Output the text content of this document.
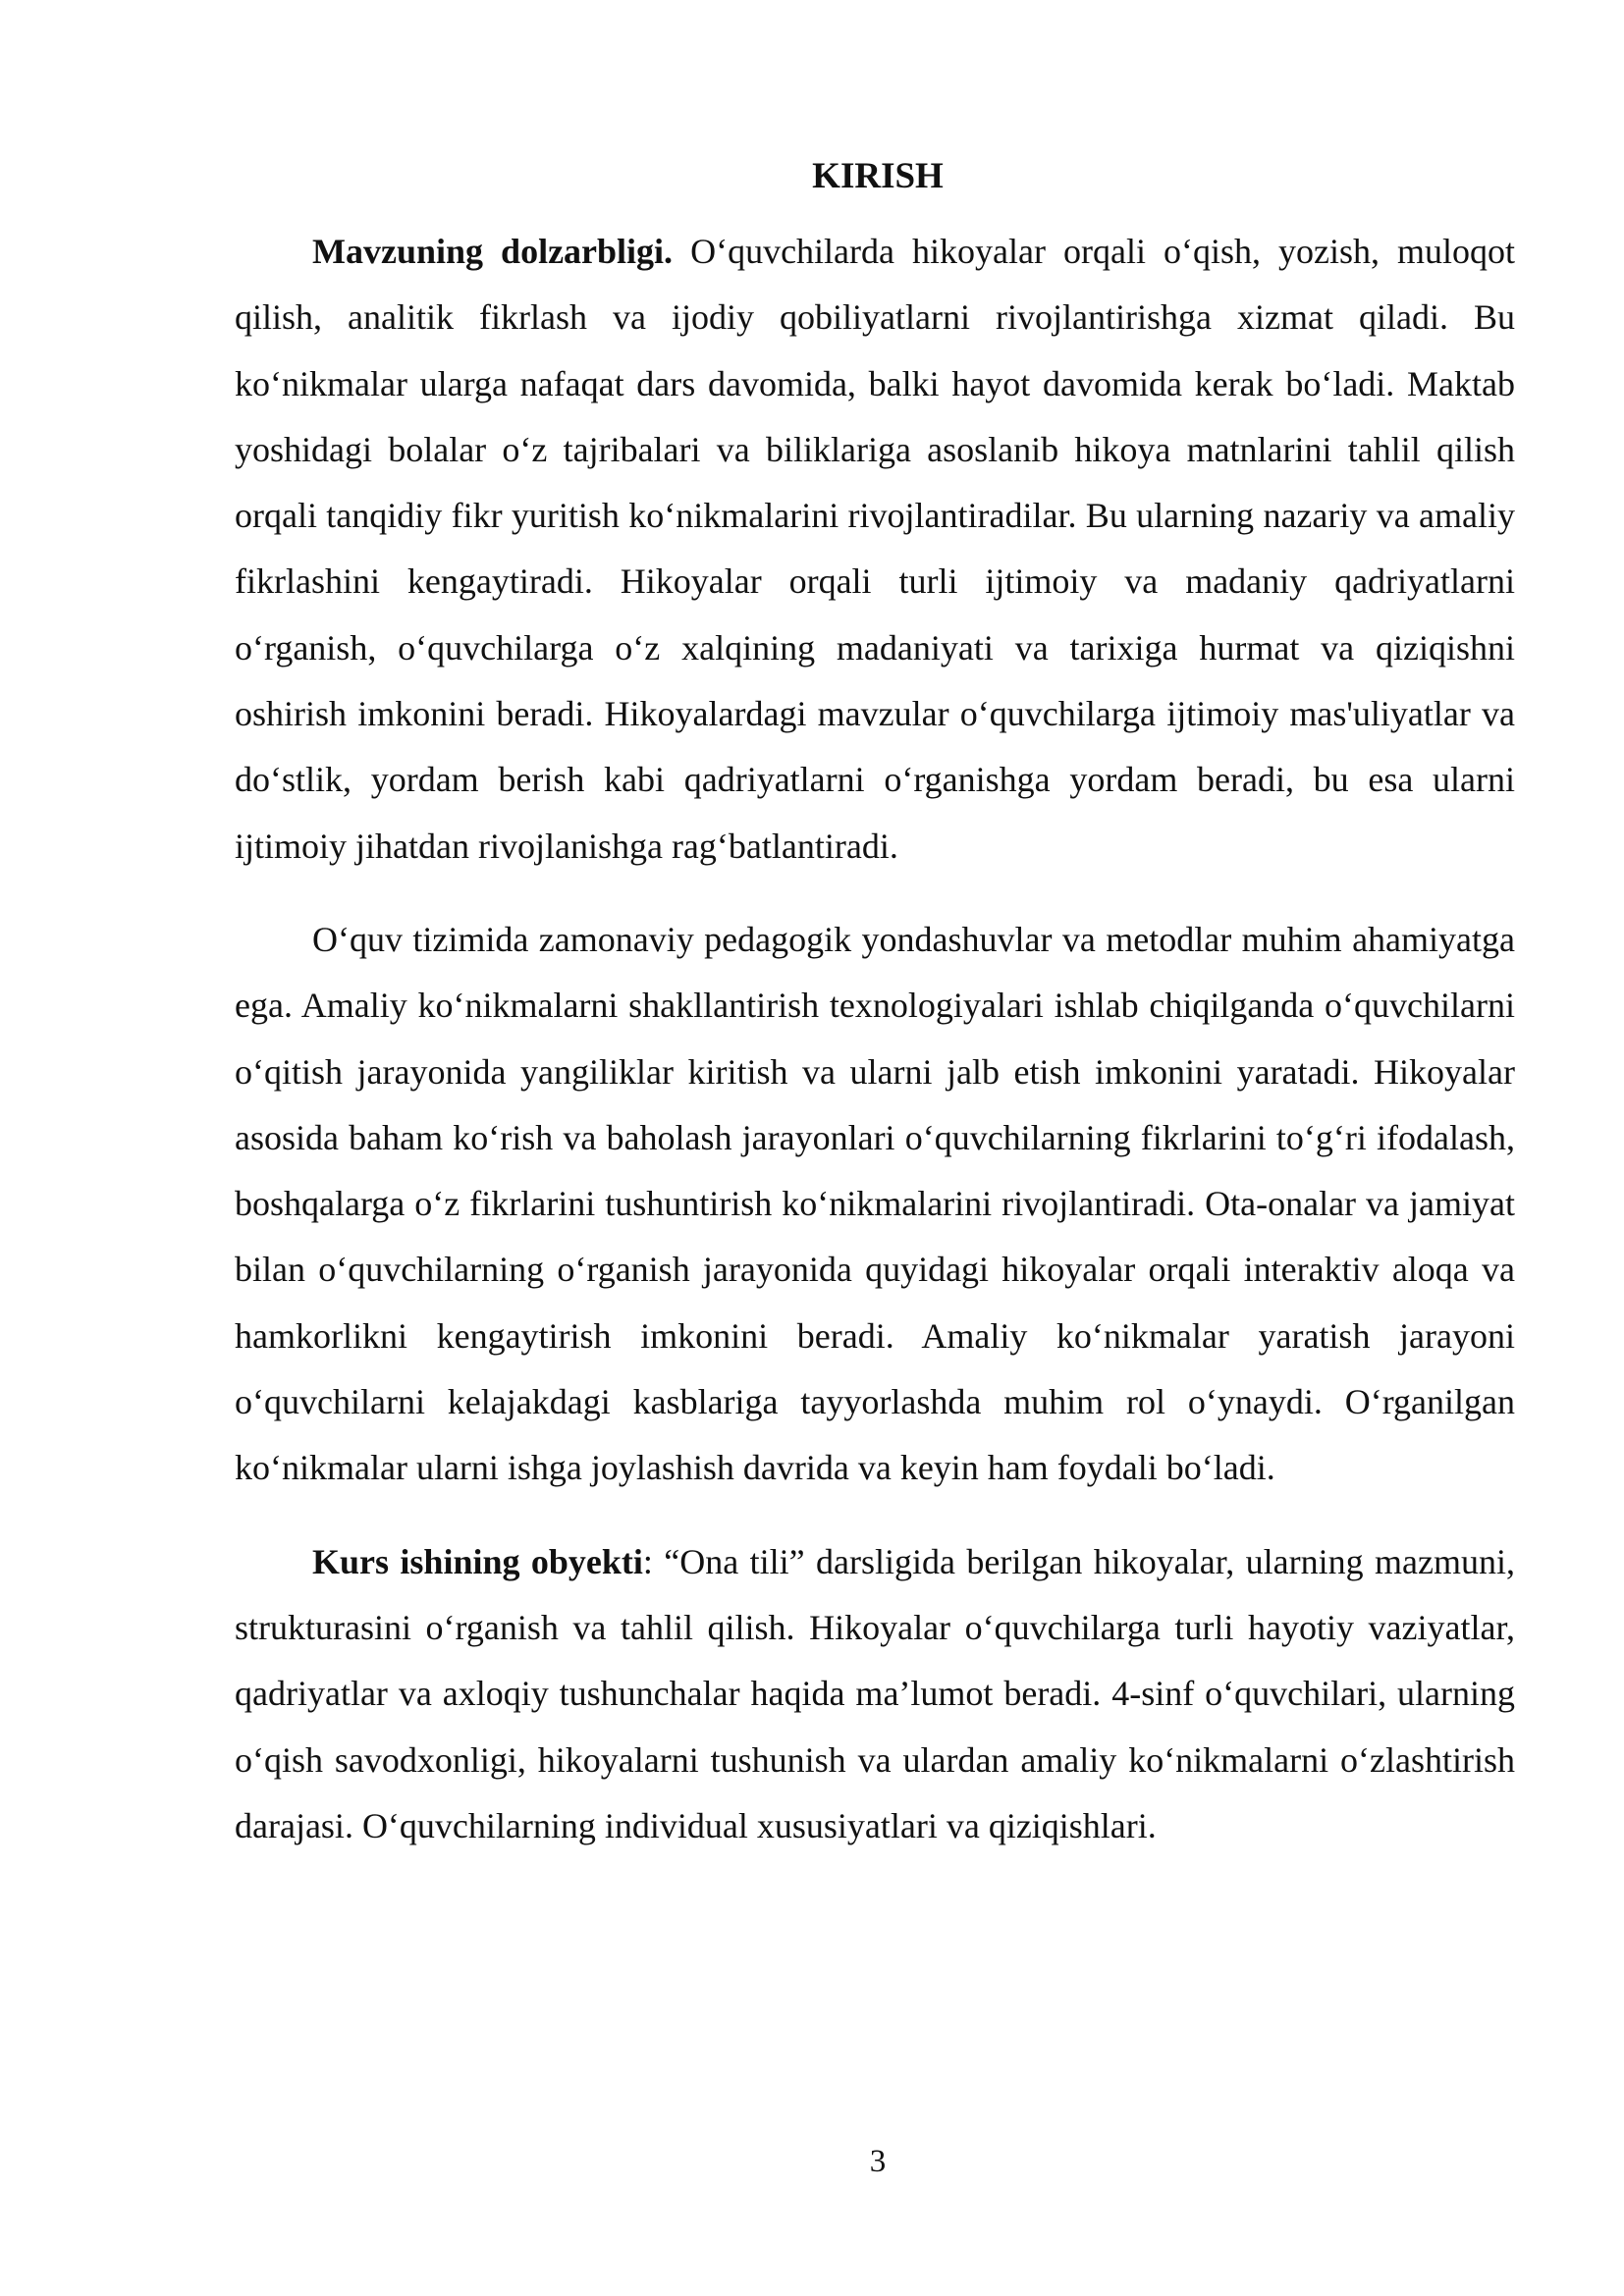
KIRISH

Mavzuning dolzarbligi. O‘quvchilarda hikoyalar orqali o‘qish, yozish, muloqot qilish, analitik fikrlash va ijodiy qobiliyatlarni rivojlantirishga xizmat qiladi. Bu ko‘nikmalar ularga nafaqat dars davomida, balki hayot davomida kerak bo‘ladi. Maktab yoshidagi bolalar o‘z tajribalari va biliklariga asoslanib hikoya matnlarini tahlil qilish orqali tanqidiy fikr yuritish ko‘nikmalarini rivojlantiradilar. Bu ularning nazariy va amaliy fikrlashini kengaytiradi. Hikoyalar orqali turli ijtimoiy va madaniy qadriyatlarni o‘rganish, o‘quvchilarga o‘z xalqining madaniyati va tarixiga hurmat va qiziqishni oshirish imkonini beradi. Hikoyalardagi mavzular o‘quvchilarga ijtimoiy mas'uliyatlar va do‘stlik, yordam berish kabi qadriyatlarni o‘rganishga yordam beradi, bu esa ularni ijtimoiy jihatdan rivojlanishga rag‘batlantiradi.

O‘quv tizimida zamonaviy pedagogik yondashuvlar va metodlar muhim ahamiyatga ega. Amaliy ko‘nikmalarni shakllantirish texnologiyalari ishlab chiqilganda o‘quvchilarni o‘qitish jarayonida yangiliklar kiritish va ularni jalb etish imkonini yaratadi. Hikoyalar asosida baham ko‘rish va baholash jarayonlari o‘quvchilarning fikrlarini to‘g‘ri ifodalash, boshqalarga o‘z fikrlarini tushuntirish ko‘nikmalarini rivojlantiradi. Ota-onalar va jamiyat bilan o‘quvchilarning o‘rganish jarayonida quyidagi hikoyalar orqali interaktiv aloqa va hamkorlikni kengaytirish imkonini beradi. Amaliy ko‘nikmalar yaratish jarayoni o‘quvchilarni kelajakdagi kasblariga tayyorlashda muhim rol o‘ynaydi. O‘rganilgan ko‘nikmalar ularni ishga joylashish davrida va keyin ham foydali bo‘ladi.

Kurs ishining obyekti: “Ona tili” darsligida berilgan hikoyalar, ularning mazmuni, strukturasini o‘rganish va tahlil qilish. Hikoyalar o‘quvchilarga turli hayotiy vaziyatlar, qadriyatlar va axloqiy tushunchalar haqida ma’lumot beradi. 4-sinf o‘quvchilari, ularning o‘qish savodxonligi, hikoyalarni tushunish va ulardan amaliy ko‘nikmalarni o‘zlashtirish darajasi. O‘quvchilarning individual xususiyatlari va qiziqishlari.

3
